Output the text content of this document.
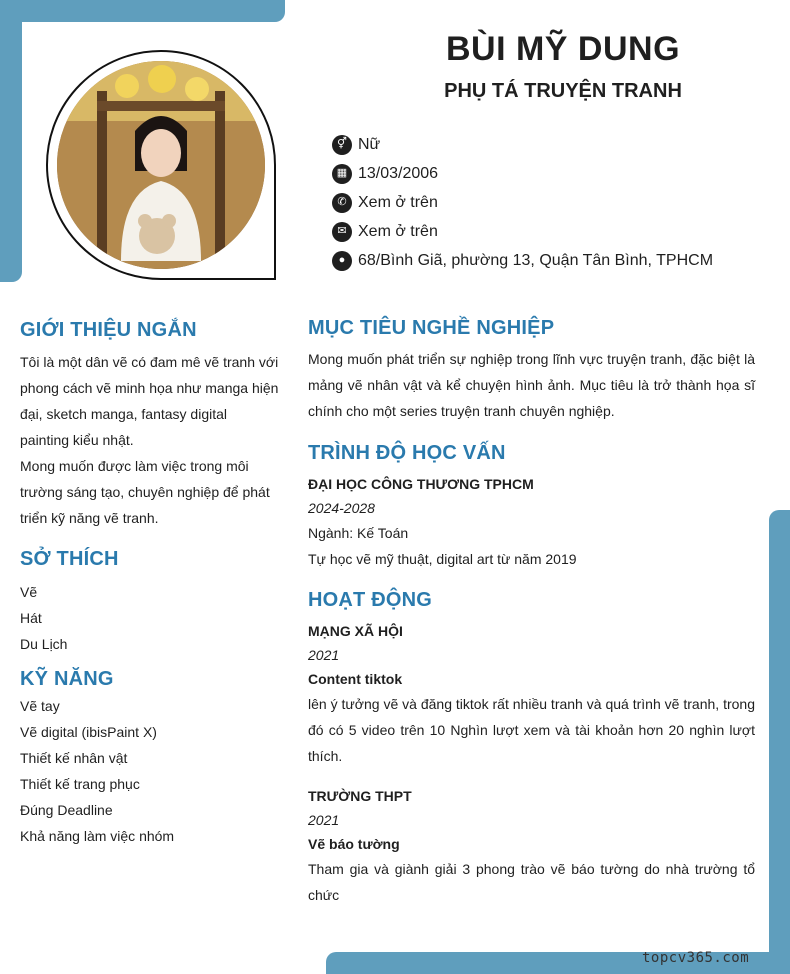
BÙI MỸ DUNG
PHỤ TÁ TRUYỆN TRANH
⚥ Nữ
▦ 13/03/2006
✆ Xem ở trên
✉ Xem ở trên
● 68/Bình Giã, phường 13, Quận Tân Bình, TPHCM
GIỚI THIỆU NGẮN
Tôi là một dân vẽ có đam mê vẽ tranh với
phong cách vẽ minh họa như manga hiện
đại, sketch manga, fantasy digital
painting kiểu nhật.
Mong muốn được làm việc trong môi
trường sáng tạo, chuyên nghiệp để phát
triển kỹ năng vẽ tranh.
SỞ THÍCH
Vẽ
Hát
Du Lịch
KỸ NĂNG
Vẽ tay
Vẽ digital (ibisPaint X)
Thiết kế nhân vật
Thiết kế trang phục
Đúng Deadline
Khả năng làm việc nhóm
MỤC TIÊU NGHỀ NGHIỆP
Mong muốn phát triển sự nghiệp trong lĩnh vực truyện tranh, đặc biệt là mảng vẽ nhân vật và kể chuyện hình ảnh. Mục tiêu là trở thành họa sĩ chính cho một series truyện tranh chuyên nghiệp.
TRÌNH ĐỘ HỌC VẤN
ĐẠI HỌC CÔNG THƯƠNG TPHCM
2024-2028
Ngành: Kế Toán
Tự học vẽ mỹ thuật, digital art từ năm 2019
HOẠT ĐỘNG
MẠNG XÃ HỘI
2021
Content tiktok
lên ý tưởng vẽ và đăng tiktok rất nhiều tranh và quá trình vẽ tranh, trong đó có 5 video trên 10 Nghìn lượt xem và tài khoản hơn 20 nghìn lượt thích.
TRƯỜNG THPT
2021
Vẽ báo tường
Tham gia và giành giải 3 phong trào vẽ báo tường do nhà trường tổ chức
topcv365.com
